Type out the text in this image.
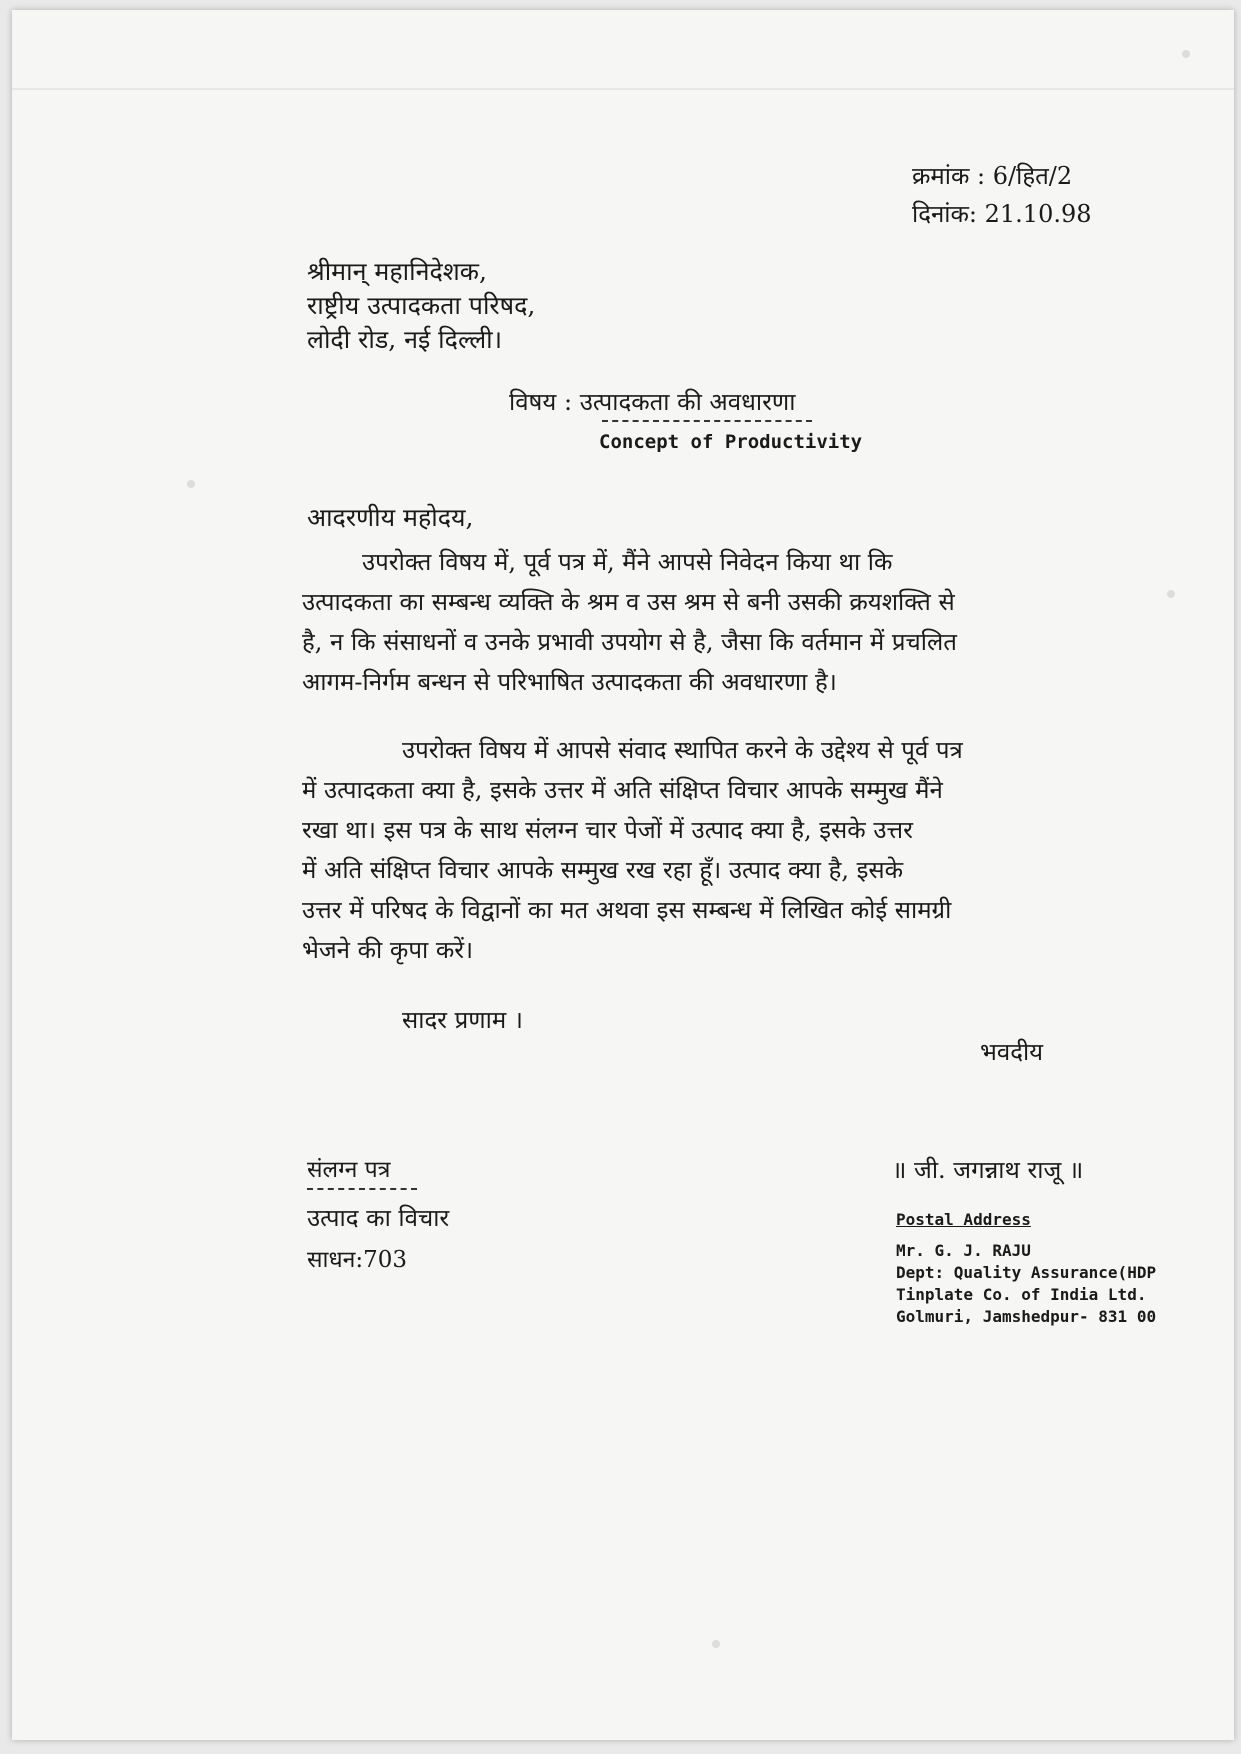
क्रमांक : 6/हित/2
दिनांक: 21.10.98
श्रीमान् महानिदेशक,
राष्ट्रीय उत्पादकता परिषद,
लोदी रोड, नई दिल्ली।
विषय : उत्पादकता की अवधारणा
Concept of Productivity
आदरणीय महोदय,
उपरोक्त विषय में, पूर्व पत्र में, मैंने आपसे निवेदन किया था कि
उत्पादकता का सम्बन्ध व्यक्ति के श्रम व उस श्रम से बनी उसकी क्रयशक्ति से
है, न कि संसाधनों व उनके प्रभावी उपयोग से है, जैसा कि वर्तमान में प्रचलित
आगम-निर्गम बन्धन से परिभाषित उत्पादकता की अवधारणा है।
उपरोक्त विषय में आपसे संवाद स्थापित करने के उद्देश्य से पूर्व पत्र
में उत्पादकता क्या है, इसके उत्तर में अति संक्षिप्त विचार आपके सम्मुख मैंने
रखा था। इस पत्र के साथ संलग्न चार पेजों में उत्पाद क्या है, इसके उत्तर
में अति संक्षिप्त विचार आपके सम्मुख रख रहा हूँ। उत्पाद क्या है, इसके
उत्तर में परिषद के विद्वानों का मत अथवा इस सम्बन्ध में लिखित कोई सामग्री
भेजने की कृपा करें।
सादर प्रणाम ।
भवदीय
संलग्न पत्र
उत्पाद का विचार
साधन:703
॥ जी. जगन्नाथ राजू ॥
Postal Address
Mr. G. J. RAJU
Dept: Quality Assurance(HDP
Tinplate Co. of India Ltd.
Golmuri, Jamshedpur- 831 00
